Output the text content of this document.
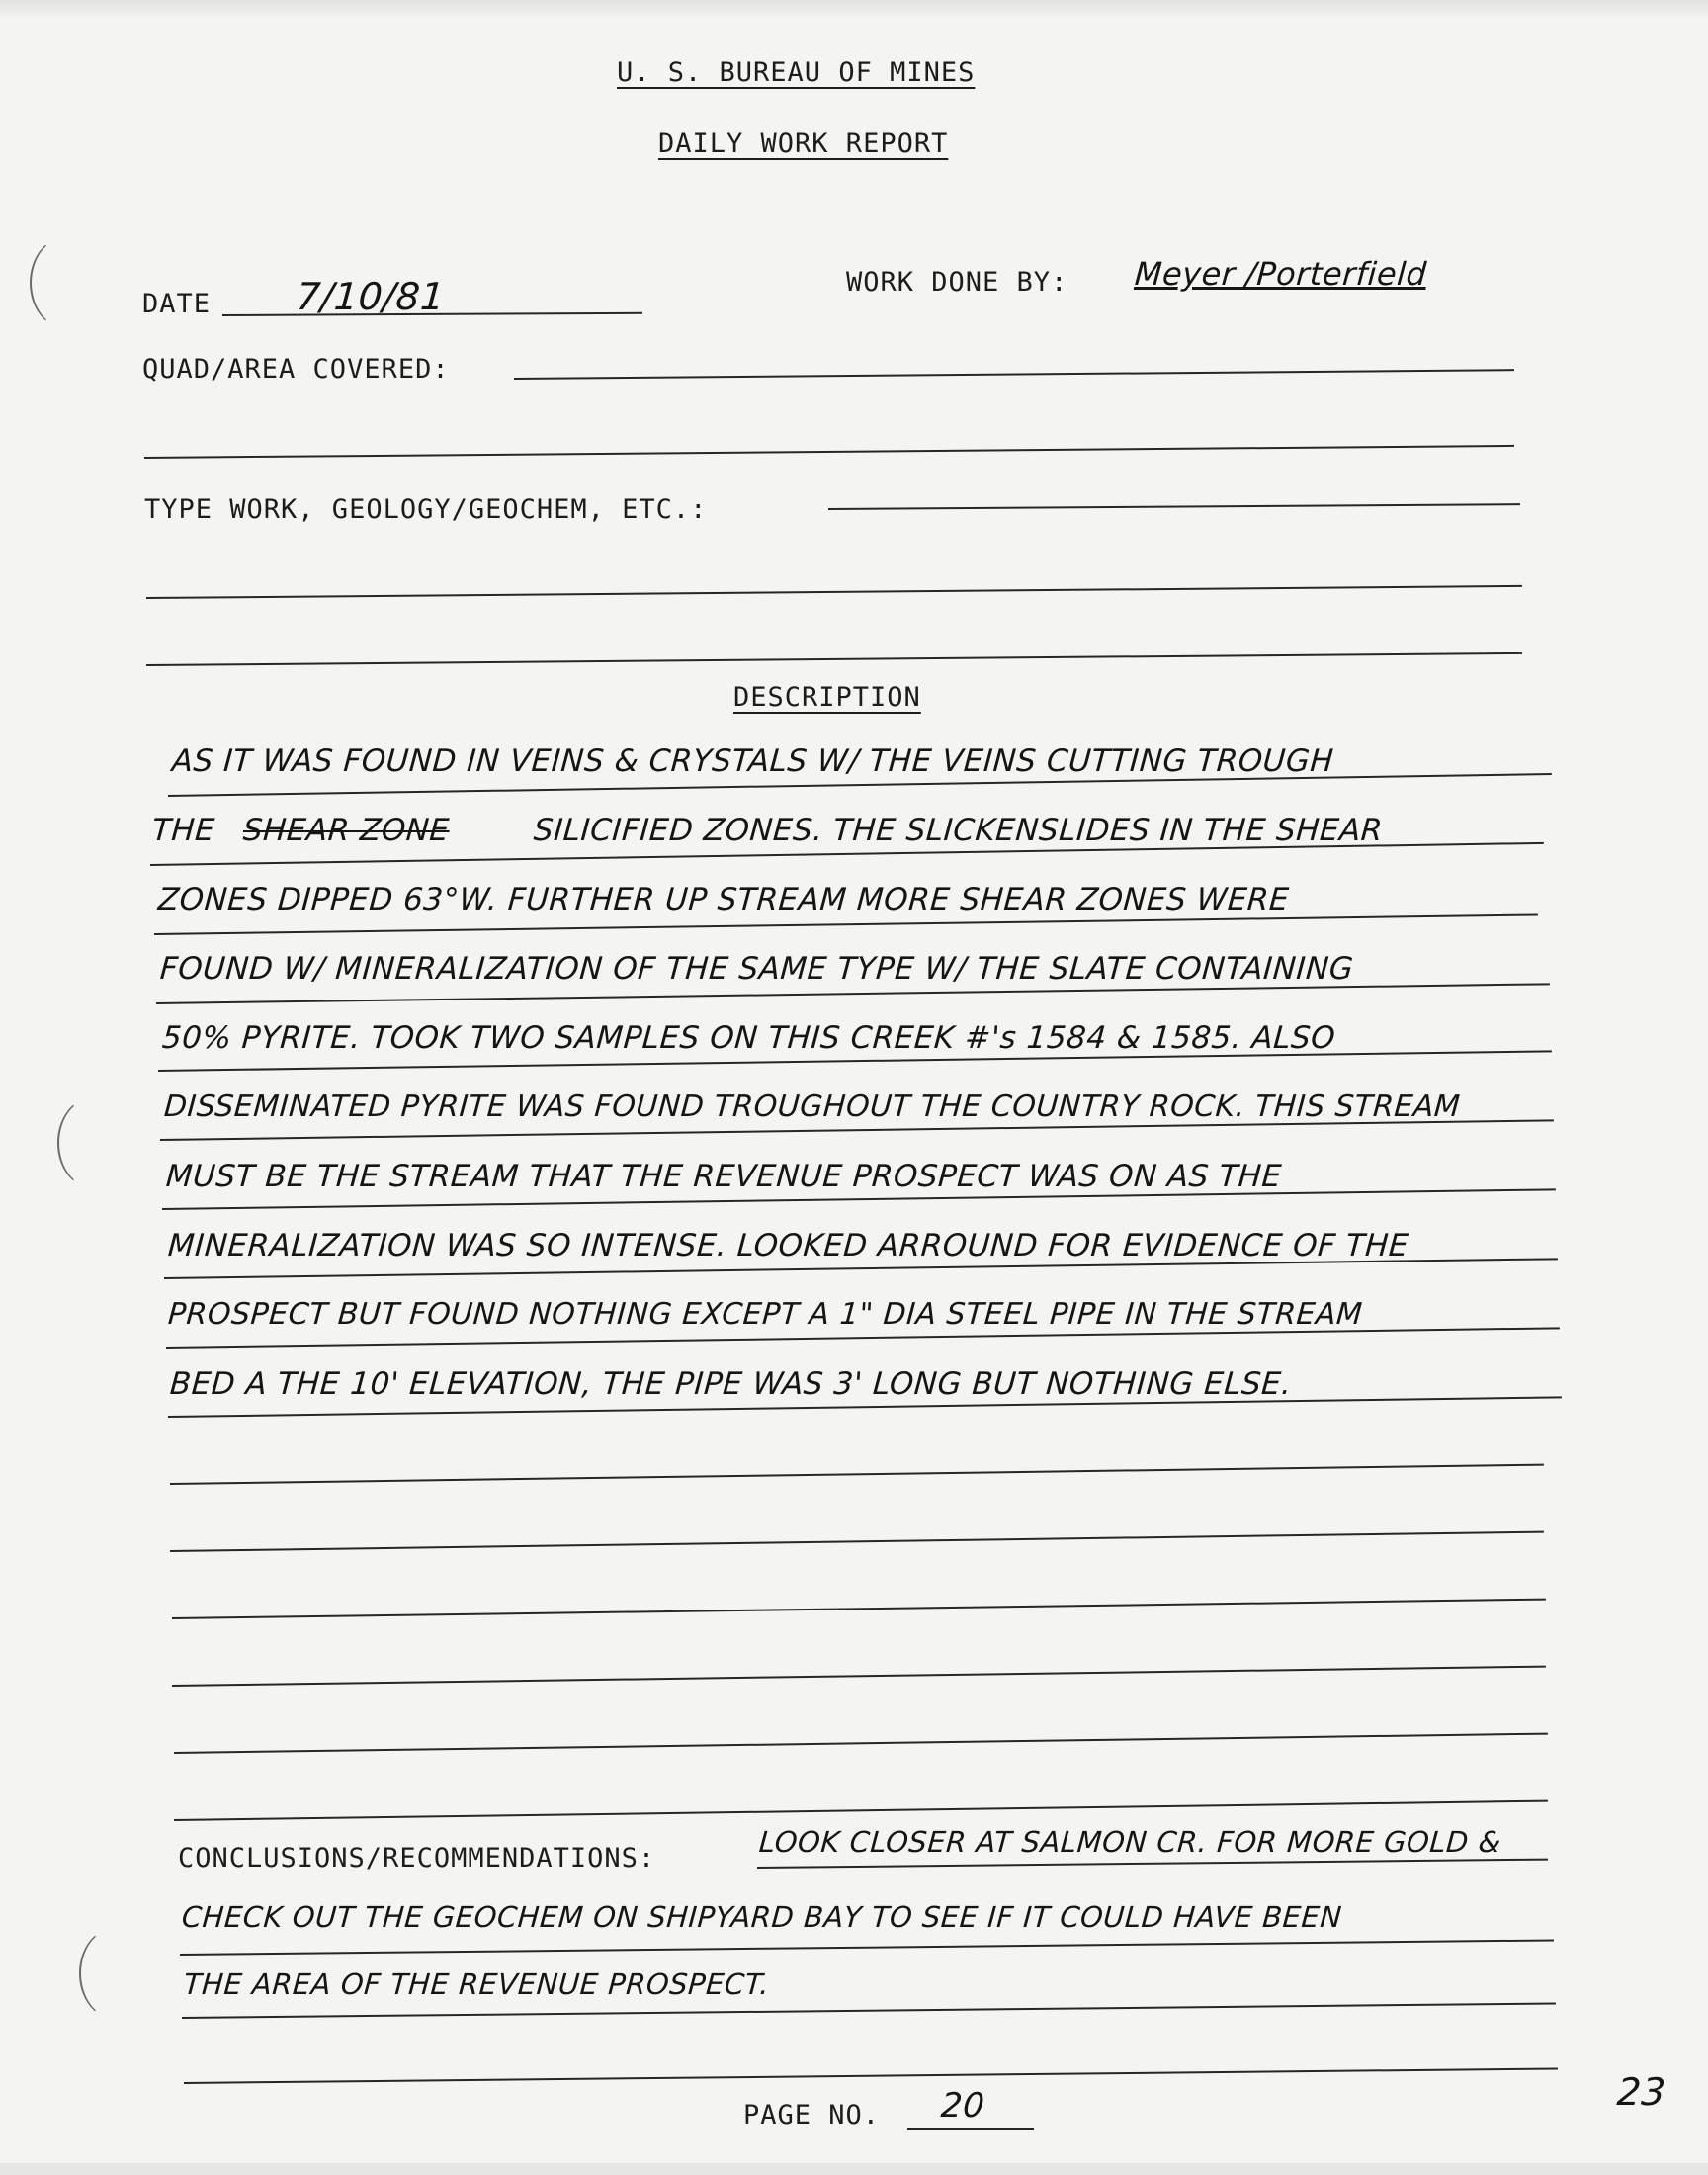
U. S. BUREAU OF MINES
DAILY WORK REPORT
DATE 7/10/81	WORK DONE BY: Meyer /Porterfield
QUAD/AREA COVERED:
TYPE WORK, GEOLOGY/GEOCHEM, ETC.:
DESCRIPTION
AS IT WAS FOUND IN VEINS & CRYSTALS W/ THE VEINS CUTTING TROUGH
THE SHEAR ZONE	SILICIFIED ZONES. THE SLICKENSLIDES IN THE SHEAR
ZONES DIPPED 63°W. FURTHER UP STREAM MORE SHEAR ZONES WERE
FOUND W/ MINERALIZATION OF THE SAME TYPE W/ THE SLATE CONTAINING
50% PYRITE. TOOK TWO SAMPLES ON THIS CREEK #'s 1584 & 1585. ALSO
DISSEMINATED PYRITE WAS FOUND TROUGHOUT THE COUNTRY ROCK. THIS STREAM
MUST BE THE STREAM THAT THE REVENUE PROSPECT WAS ON AS THE
MINERALIZATION WAS SO INTENSE. LOOKED ARROUND FOR EVIDENCE OF THE
PROSPECT BUT FOUND NOTHING EXCEPT A 1" DIA STEEL PIPE IN THE STREAM
BED A THE 10' ELEVATION, THE PIPE WAS 3' LONG BUT NOTHING ELSE.
CONCLUSIONS/RECOMMENDATIONS:	LOOK CLOSER AT SALMON CR. FOR MORE GOLD &
CHECK OUT THE GEOCHEM ON SHIPYARD BAY TO SEE IF IT COULD HAVE BEEN
THE AREA OF THE REVENUE PROSPECT.
PAGE NO. 20	23
